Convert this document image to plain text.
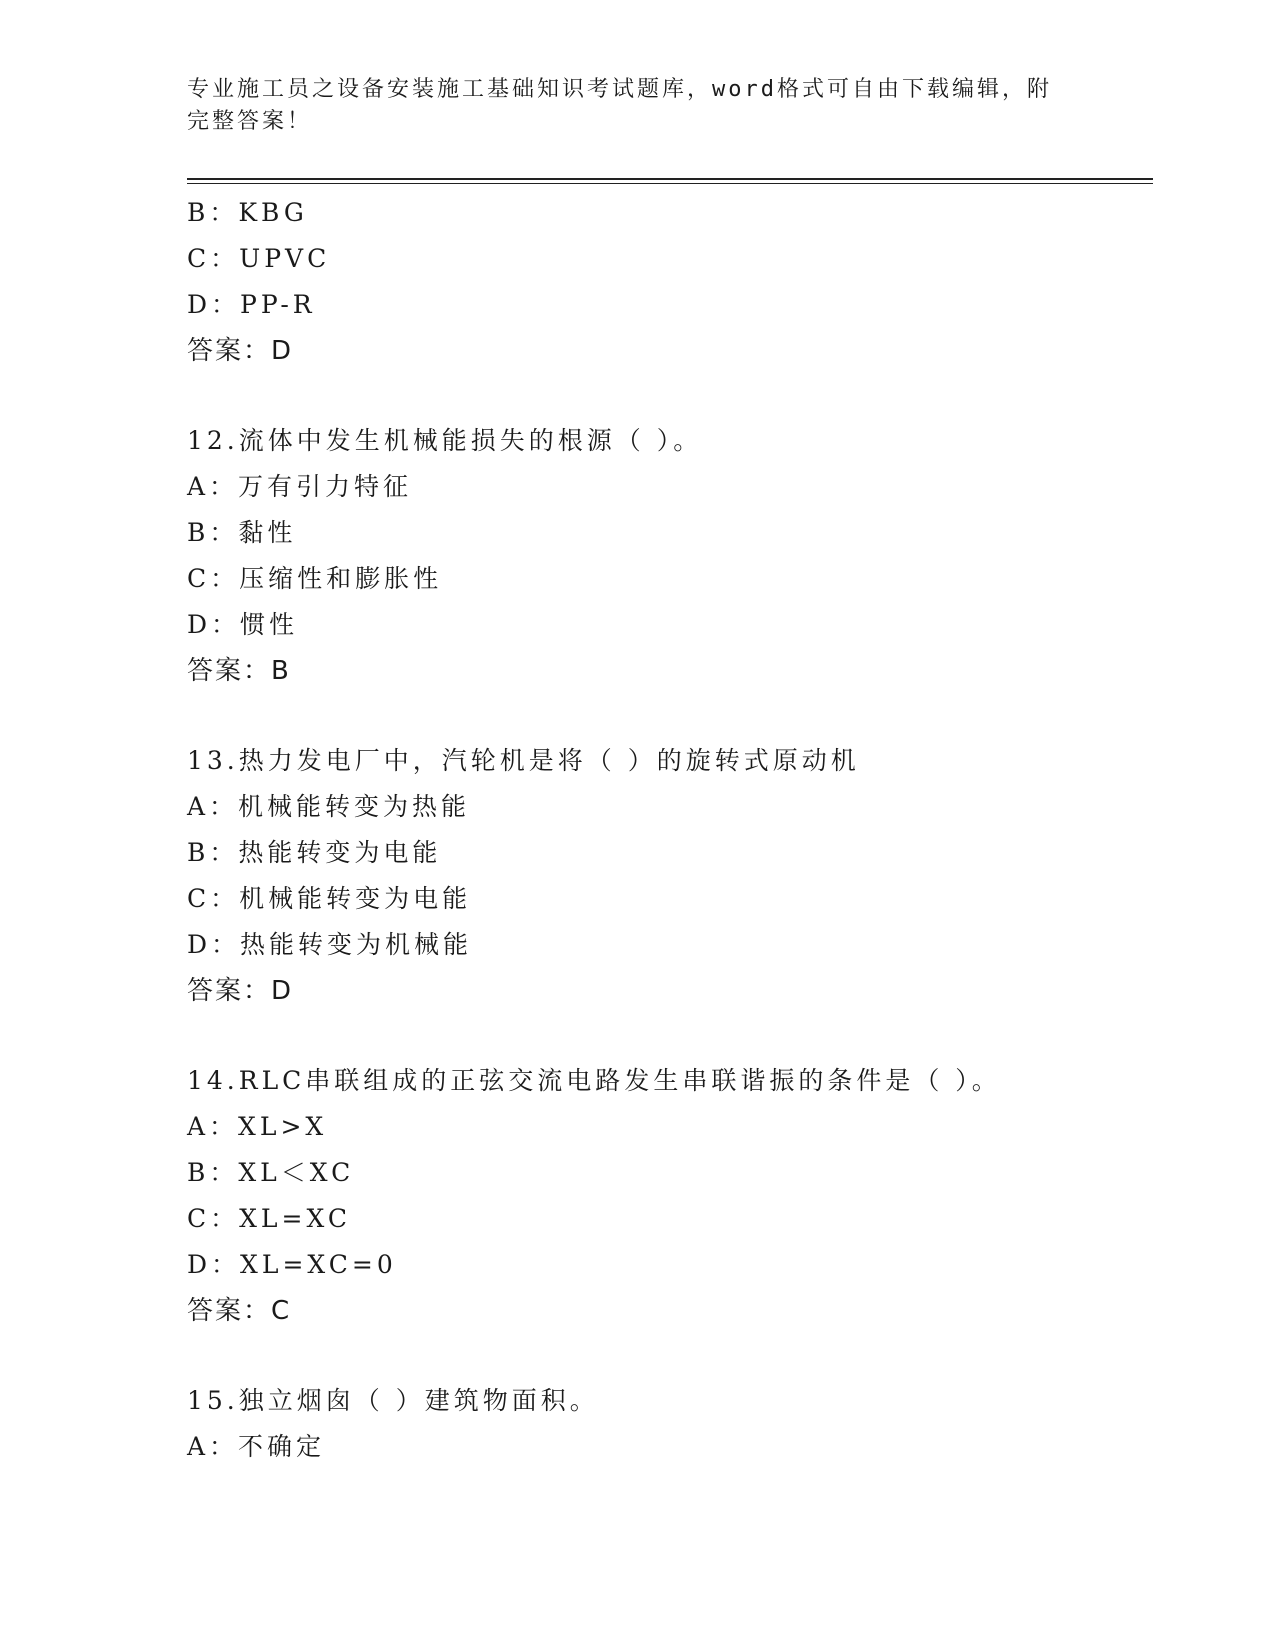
专业施工员之设备安装施工基础知识考试题库，word格式可自由下载编辑，附完整答案！
B：KBG
C：UPVC
D：PP-R
答案：D
12.流体中发生机械能损失的根源（ ）。
A：万有引力特征
B：黏性
C：压缩性和膨胀性
D：惯性
答案：B
13.热力发电厂中，汽轮机是将（ ）的旋转式原动机
A：机械能转变为热能
B：热能转变为电能
C：机械能转变为电能
D：热能转变为机械能
答案：D
14.RLC串联组成的正弦交流电路发生串联谐振的条件是（ ）。
A：XL>X
B：XL＜XC
C：XL=XC
D：XL=XC=0
答案：C
15.独立烟囱（ ）建筑物面积。
A：不确定
